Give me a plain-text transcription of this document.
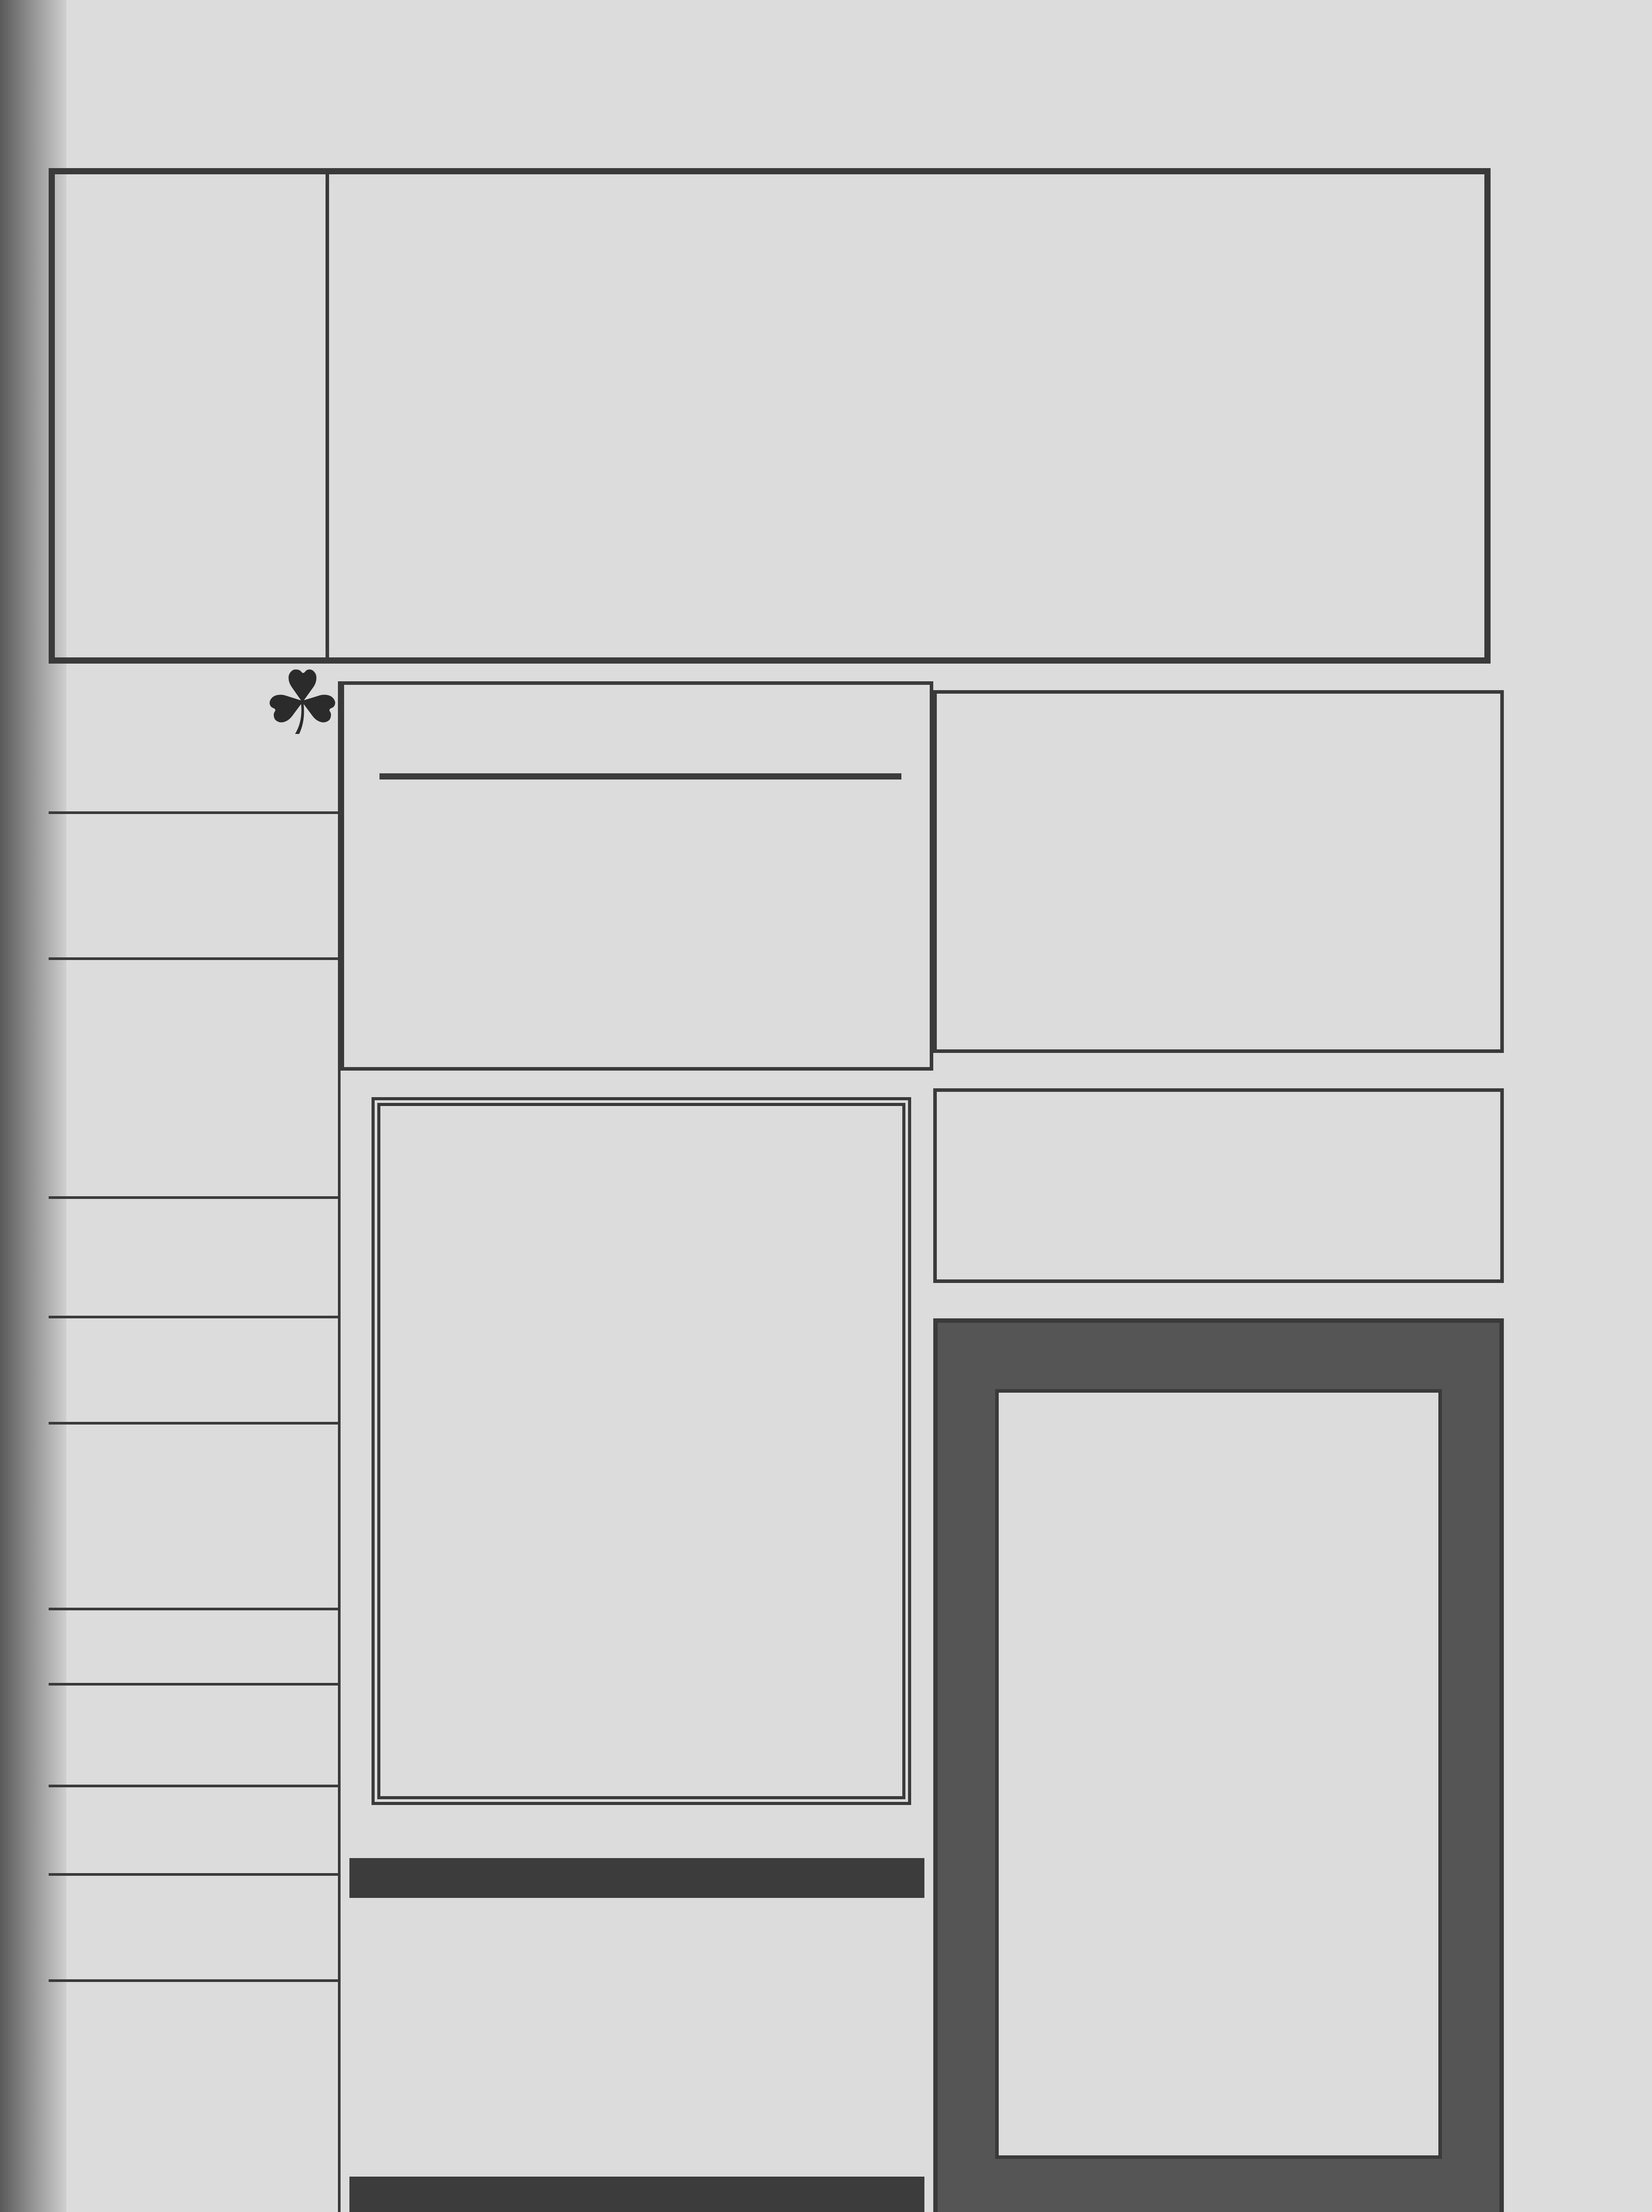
☘
